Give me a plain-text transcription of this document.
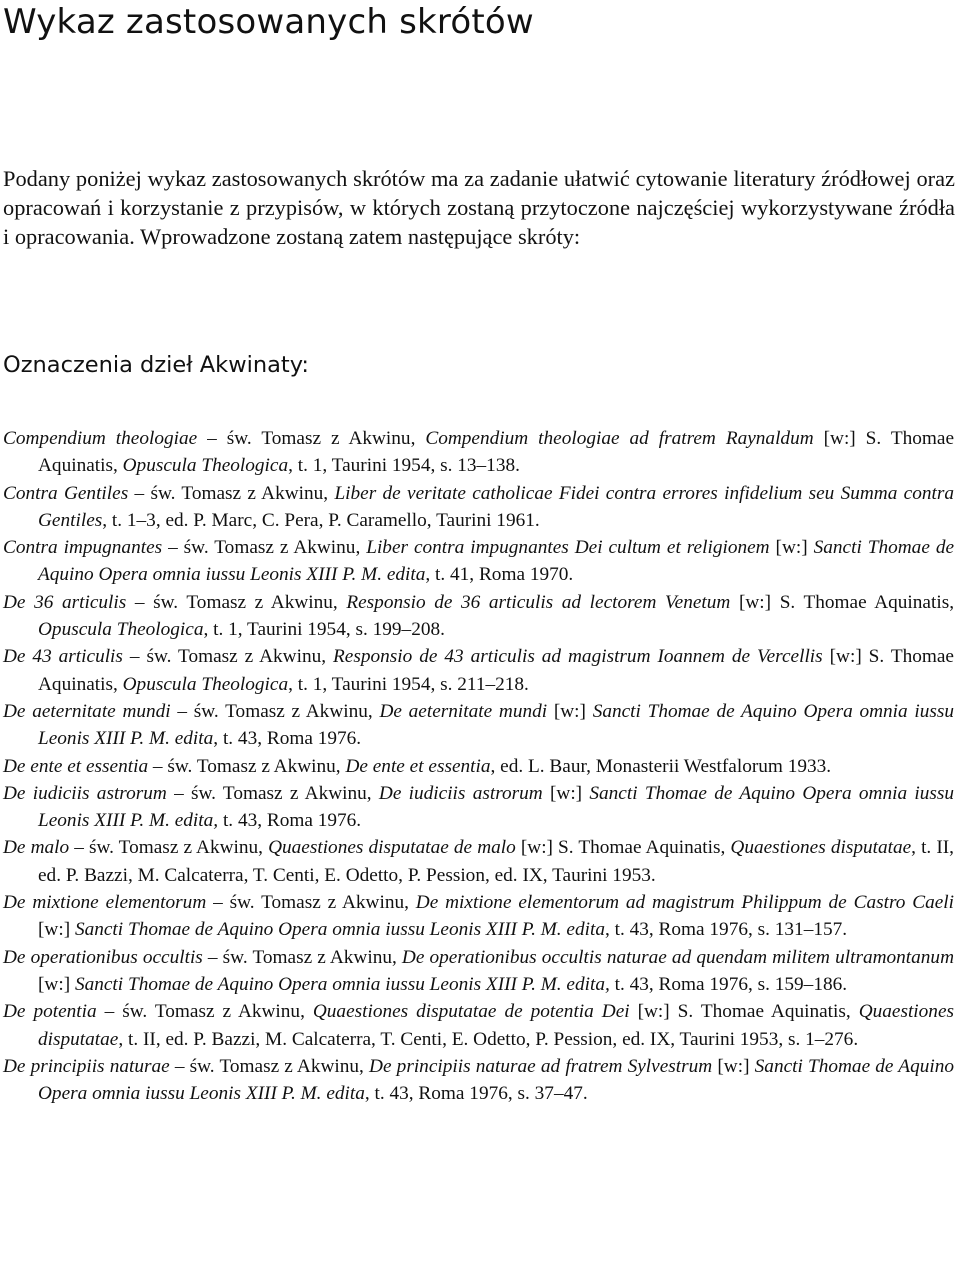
Wykaz zastosowanych skrótów

Podany poniżej wykaz zastosowanych skrótów ma za zadanie ułatwić cytowanie literatury źródłowej oraz opracowań i korzystanie z przypisów, w których zostaną przytoczone najczęściej wykorzystywane źródła i opracowania. Wprowadzone zostaną zatem następujące skróty:

Oznaczenia dzieł Akwinaty:
Compendium theologiae – św. Tomasz z Akwinu, Compendium theologiae ad fratrem Raynaldum [w:] S. Thomae Aquinatis, Opuscula Theologica, t. 1, Taurini 1954, s. 13–138.
Contra Gentiles – św. Tomasz z Akwinu, Liber de veritate catholicae Fidei contra errores infidelium seu Summa contra Gentiles, t. 1–3, ed. P. Marc, C. Pera, P. Caramello, Taurini 1961.
Contra impugnantes – św. Tomasz z Akwinu, Liber contra impugnantes Dei cultum et religionem [w:] Sancti Thomae de Aquino Opera omnia iussu Leonis XIII P. M. edita, t. 41, Roma 1970.
De 36 articulis – św. Tomasz z Akwinu, Responsio de 36 articulis ad lectorem Venetum [w:] S. Thomae Aquinatis, Opuscula Theologica, t. 1, Taurini 1954, s. 199–208.
De 43 articulis – św. Tomasz z Akwinu, Responsio de 43 articulis ad magistrum Ioannem de Vercellis [w:] S. Thomae Aquinatis, Opuscula Theologica, t. 1, Taurini 1954, s. 211–218.
De aeternitate mundi – św. Tomasz z Akwinu, De aeternitate mundi [w:] Sancti Thomae de Aquino Opera omnia iussu Leonis XIII P. M. edita, t. 43, Roma 1976.
De ente et essentia – św. Tomasz z Akwinu, De ente et essentia, ed. L. Baur, Monasterii Westfalorum 1933.
De iudiciis astrorum – św. Tomasz z Akwinu, De iudiciis astrorum [w:] Sancti Thomae de Aquino Opera omnia iussu Leonis XIII P. M. edita, t. 43, Roma 1976.
De malo – św. Tomasz z Akwinu, Quaestiones disputatae de malo [w:] S. Thomae Aquinatis, Quaestiones disputatae, t. II, ed. P. Bazzi, M. Calcaterra, T. Centi, E. Odetto, P. Pession, ed. IX, Taurini 1953.
De mixtione elementorum – św. Tomasz z Akwinu, De mixtione elementorum ad magistrum Philippum de Castro Caeli [w:] Sancti Thomae de Aquino Opera omnia iussu Leonis XIII P. M. edita, t. 43, Roma 1976, s. 131–157.
De operationibus occultis – św. Tomasz z Akwinu, De operationibus occultis naturae ad quendam militem ultramontanum [w:] Sancti Thomae de Aquino Opera omnia iussu Leonis XIII P. M. edita, t. 43, Roma 1976, s. 159–186.
De potentia – św. Tomasz z Akwinu, Quaestiones disputatae de potentia Dei [w:] S. Thomae Aquinatis, Quaestiones disputatae, t. II, ed. P. Bazzi, M. Calcaterra, T. Centi, E. Odetto, P. Pession, ed. IX, Taurini 1953, s. 1–276.
De principiis naturae – św. Tomasz z Akwinu, De principiis naturae ad fratrem Sylvestrum [w:] Sancti Thomae de Aquino Opera omnia iussu Leonis XIII P. M. edita, t. 43, Roma 1976, s. 37–47.
